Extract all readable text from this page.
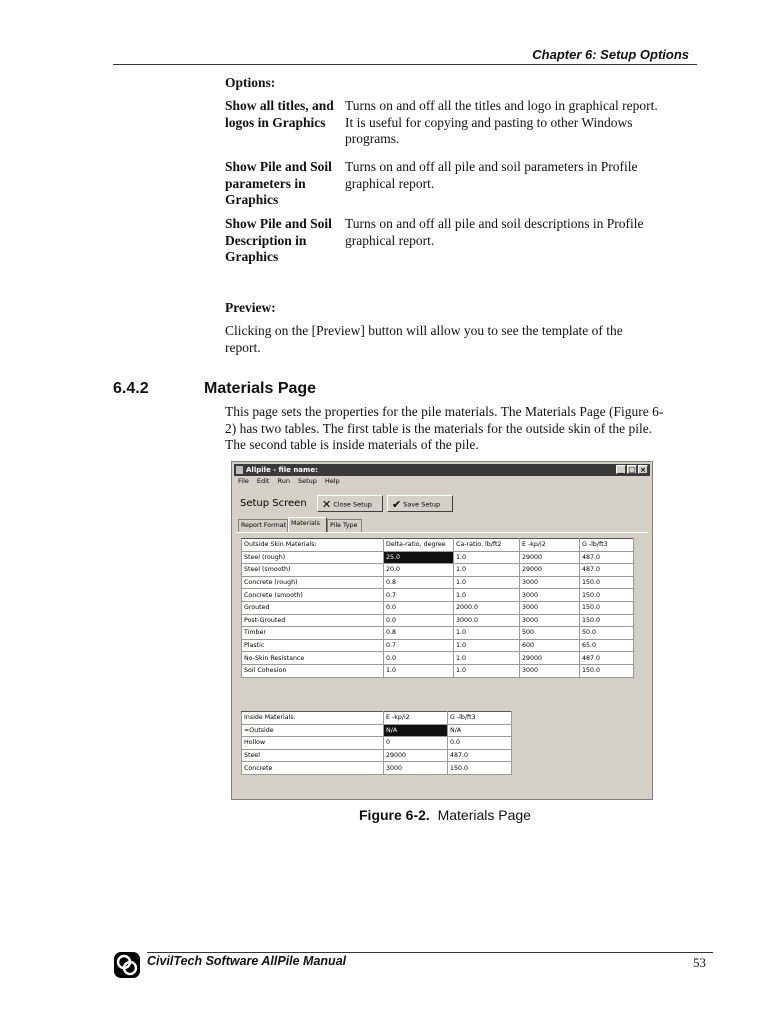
Chapter 6: Setup Options
Options:
Show all titles, and logos in Graphics
Turns on and off all the titles and logo in graphical report. It is useful for copying and pasting to other Windows programs.
Show Pile and Soil parameters in Graphics
Turns on and off all pile and soil parameters in Profile graphical report.
Show Pile and Soil Description in Graphics
Turns on and off all pile and soil descriptions in Profile graphical report.
Preview:
Clicking on the [Preview] button will allow you to see the template of the report.
6.4.2	Materials Page
This page sets the properties for the pile materials. The Materials Page (Figure 6-2) has two tables. The first table is the materials for the outside skin of the pile. The second table is inside materials of the pile.
Allpile - file name:	_ □ ×
File Edit Run Setup Help
Setup Screen	✕ Close Setup	✔ Save Setup
Report Format Materials	Pile Type
Outside Skin Materials:	Delta-ratio, degree	Ca-ratio, lb/ft2	E -kp/i2	G -lb/ft3
Steel (rough)	25.0	1.0	29000	487.0
Steel (smooth)	20.0	1.0	29000	487.0
Concrete (rough)	0.8	1.0	3000	150.0
Concrete (smooth)	0.7	1.0	3000	150.0
Grouted	0.0	2000.0	3000	150.0
Post-Grouted	0.0	3000.0	3000	150.0
Timber	0.8	1.0	500	50.0
Plastic	0.7	1.0	600	65.0
No-Skin Resistance	0.0	1.0	29000	487.0
Soil Cohesion	1.0	1.0	3000	150.0
Inside Materials:	E -kp/i2	G -lb/ft3
=Outside	N/A	N/A
Hollow	0	0.0
Steel	29000	487.0
Concrete	3000	150.0
Figure 6-2. Materials Page
CivilTech Software AllPile Manual	53
